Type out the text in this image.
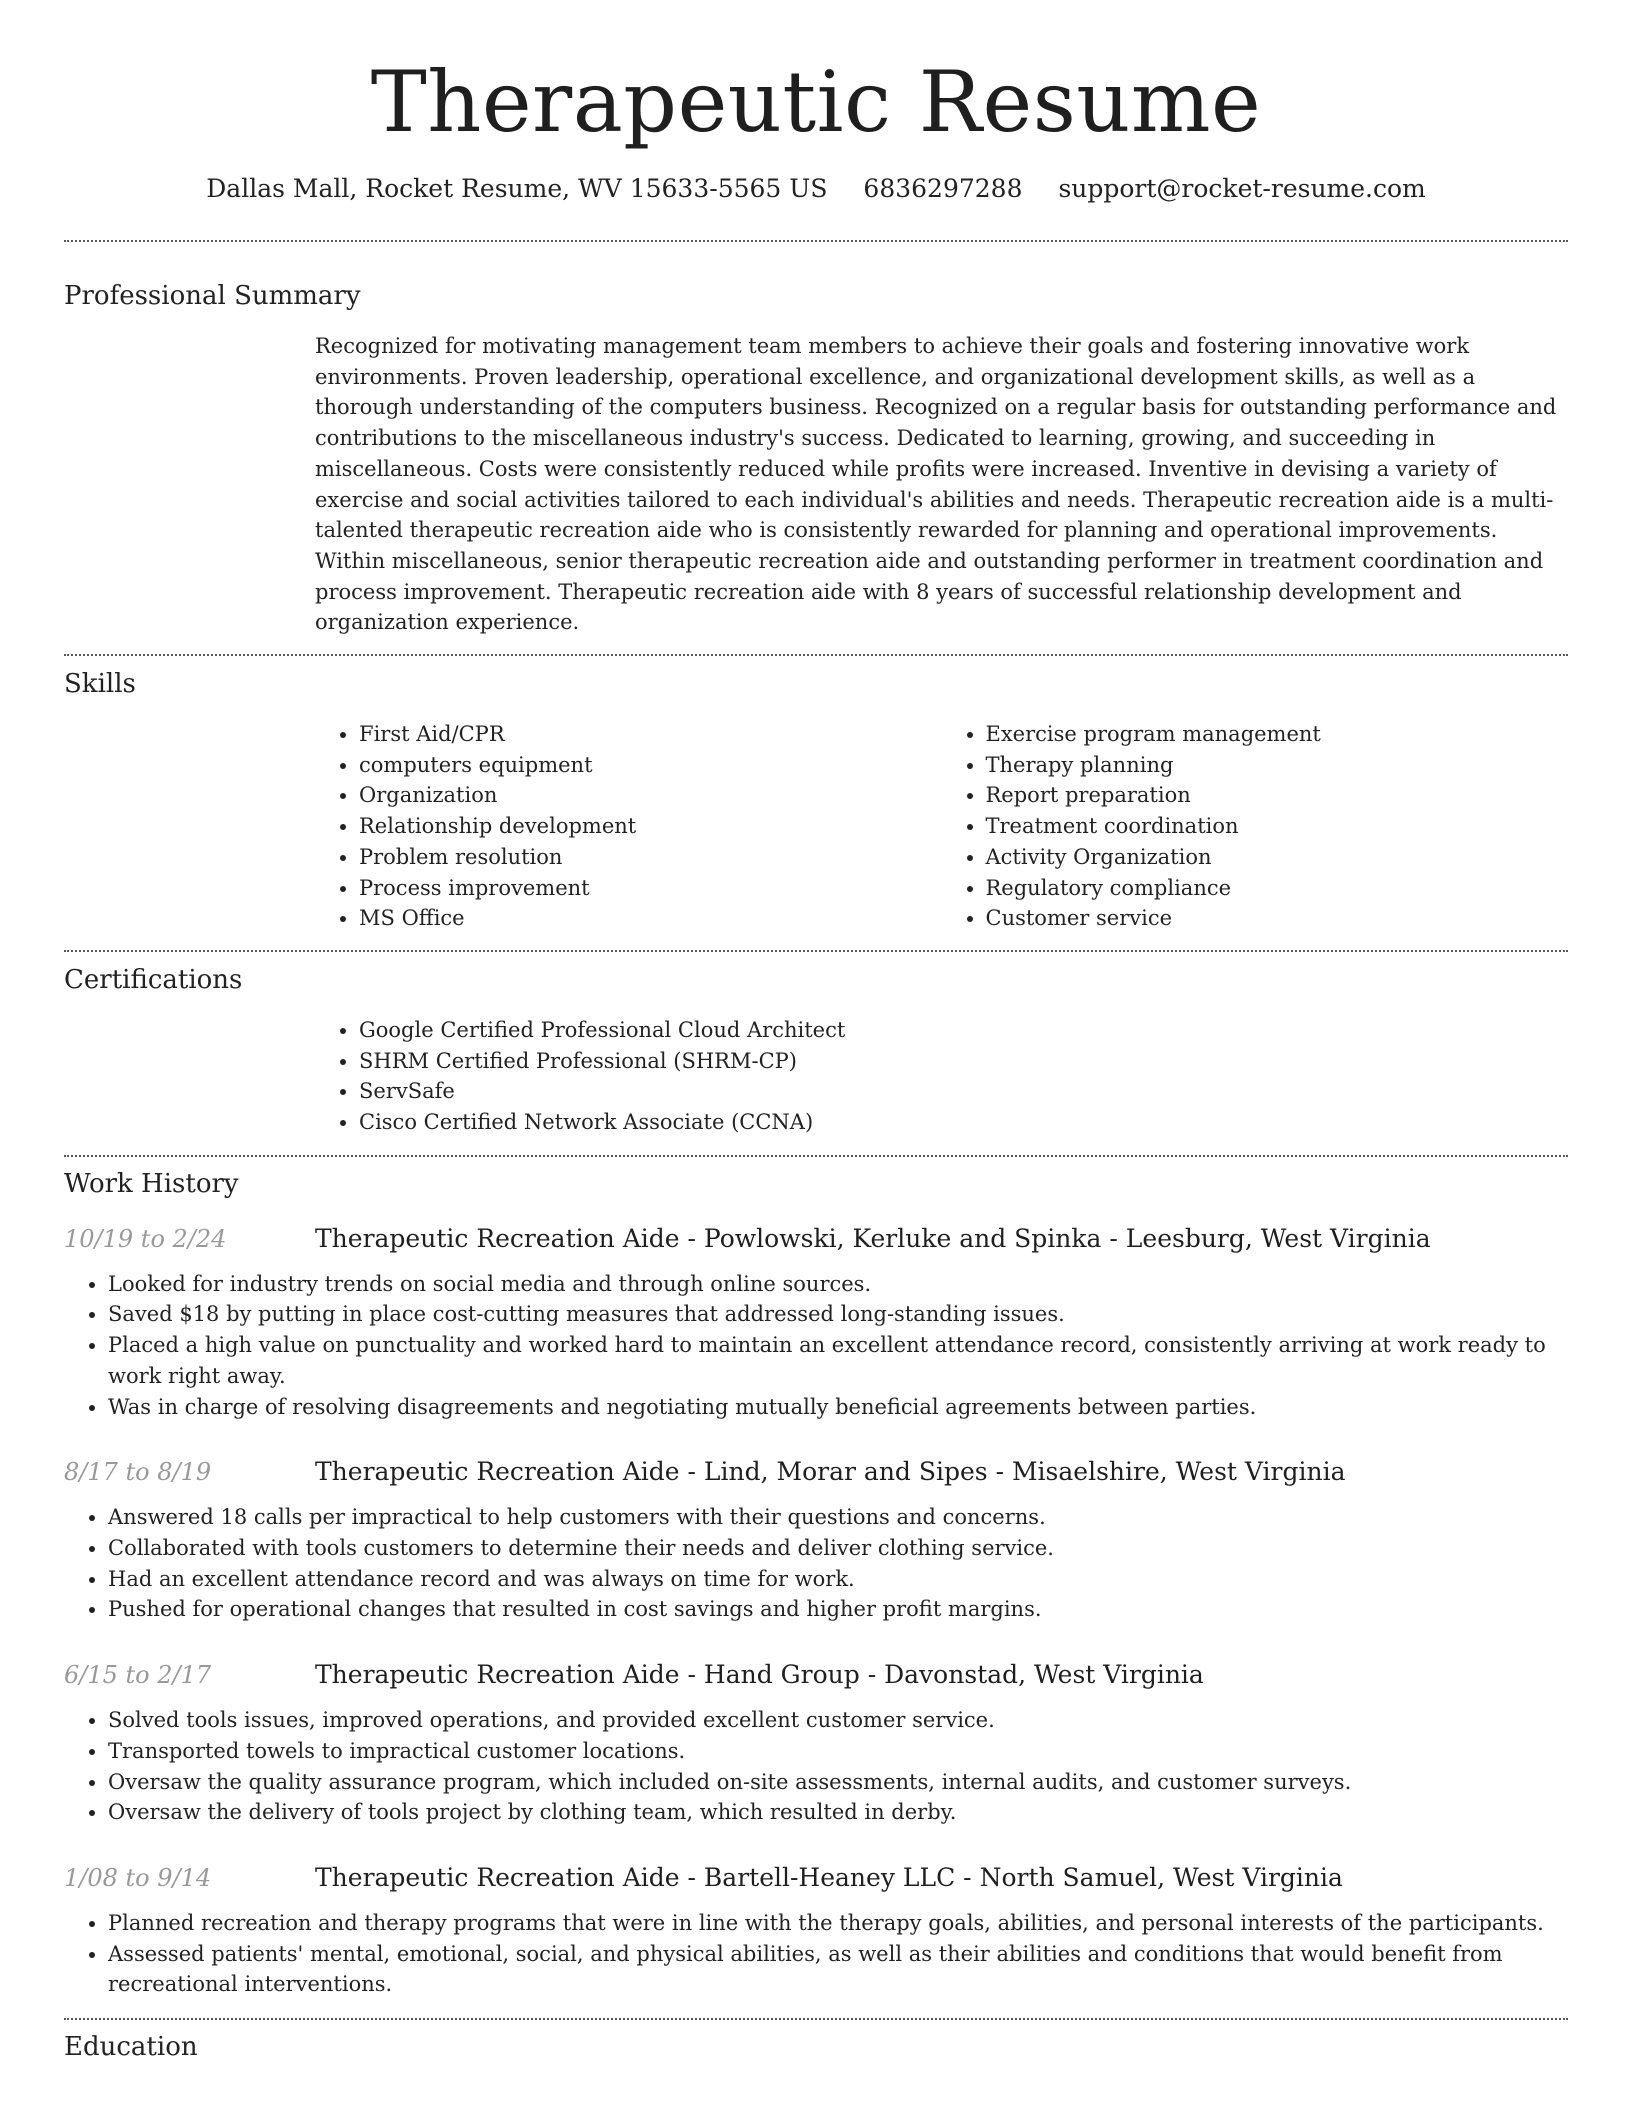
Therapeutic Resume
Dallas Mall, Rocket Resume, WV 15633-5565 US 6836297288 support@rocket-resume.com
Professional Summary

Recognized for motivating management team members to achieve their goals and fostering innovative work environments. Proven leadership, operational excellence, and organizational development skills, as well as a thorough understanding of the computers business. Recognized on a regular basis for outstanding performance and contributions to the miscellaneous industry's success. Dedicated to learning, growing, and succeeding in miscellaneous. Costs were consistently reduced while profits were increased. Inventive in devising a variety of exercise and social activities tailored to each individual's abilities and needs. Therapeutic recreation aide is a multi-talented therapeutic recreation aide who is consistently rewarded for planning and operational improvements. Within miscellaneous, senior therapeutic recreation aide and outstanding performer in treatment coordination and process improvement. Therapeutic recreation aide with 8 years of successful relationship development and organization experience.

Skills
• First Aid/CPR
• computers equipment
• Organization
• Relationship development
• Problem resolution
• Process improvement
• MS Office
• Exercise program management
• Therapy planning
• Report preparation
• Treatment coordination
• Activity Organization
• Regulatory compliance
• Customer service
Certifications
• Google Certified Professional Cloud Architect
• SHRM Certified Professional (SHRM-CP)
• ServSafe
• Cisco Certified Network Associate (CCNA)
Work History
10/19 to 2/24	Therapeutic Recreation Aide - Powlowski, Kerluke and Spinka - Leesburg, West Virginia
• Looked for industry trends on social media and through online sources.
• Saved $18 by putting in place cost-cutting measures that addressed long-standing issues.
• Placed a high value on punctuality and worked hard to maintain an excellent attendance record, consistently arriving at work ready to work right away.
• Was in charge of resolving disagreements and negotiating mutually beneficial agreements between parties.
8/17 to 8/19	Therapeutic Recreation Aide - Lind, Morar and Sipes - Misaelshire, West Virginia
• Answered 18 calls per impractical to help customers with their questions and concerns.
• Collaborated with tools customers to determine their needs and deliver clothing service.
• Had an excellent attendance record and was always on time for work.
• Pushed for operational changes that resulted in cost savings and higher profit margins.
6/15 to 2/17	Therapeutic Recreation Aide - Hand Group - Davonstad, West Virginia
• Solved tools issues, improved operations, and provided excellent customer service.
• Transported towels to impractical customer locations.
• Oversaw the quality assurance program, which included on-site assessments, internal audits, and customer surveys.
• Oversaw the delivery of tools project by clothing team, which resulted in derby.
1/08 to 9/14	Therapeutic Recreation Aide - Bartell-Heaney LLC - North Samuel, West Virginia
• Planned recreation and therapy programs that were in line with the therapy goals, abilities, and personal interests of the participants.
• Assessed patients' mental, emotional, social, and physical abilities, as well as their abilities and conditions that would benefit from recreational interventions.
Education
